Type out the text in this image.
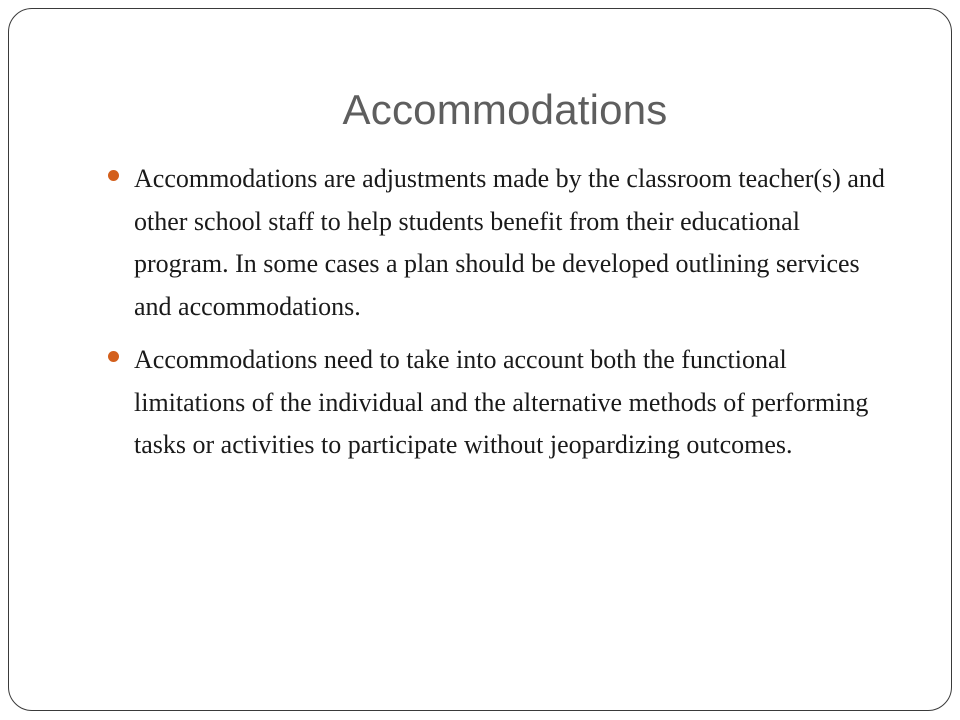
Accommodations
Accommodations are adjustments made by the classroom teacher(s) and other school staff to help students benefit from their educational program. In some cases a plan should be developed outlining services and accommodations.
Accommodations need to take into account both the functional limitations of the individual and the alternative methods of performing tasks or activities to participate without jeopardizing outcomes.
